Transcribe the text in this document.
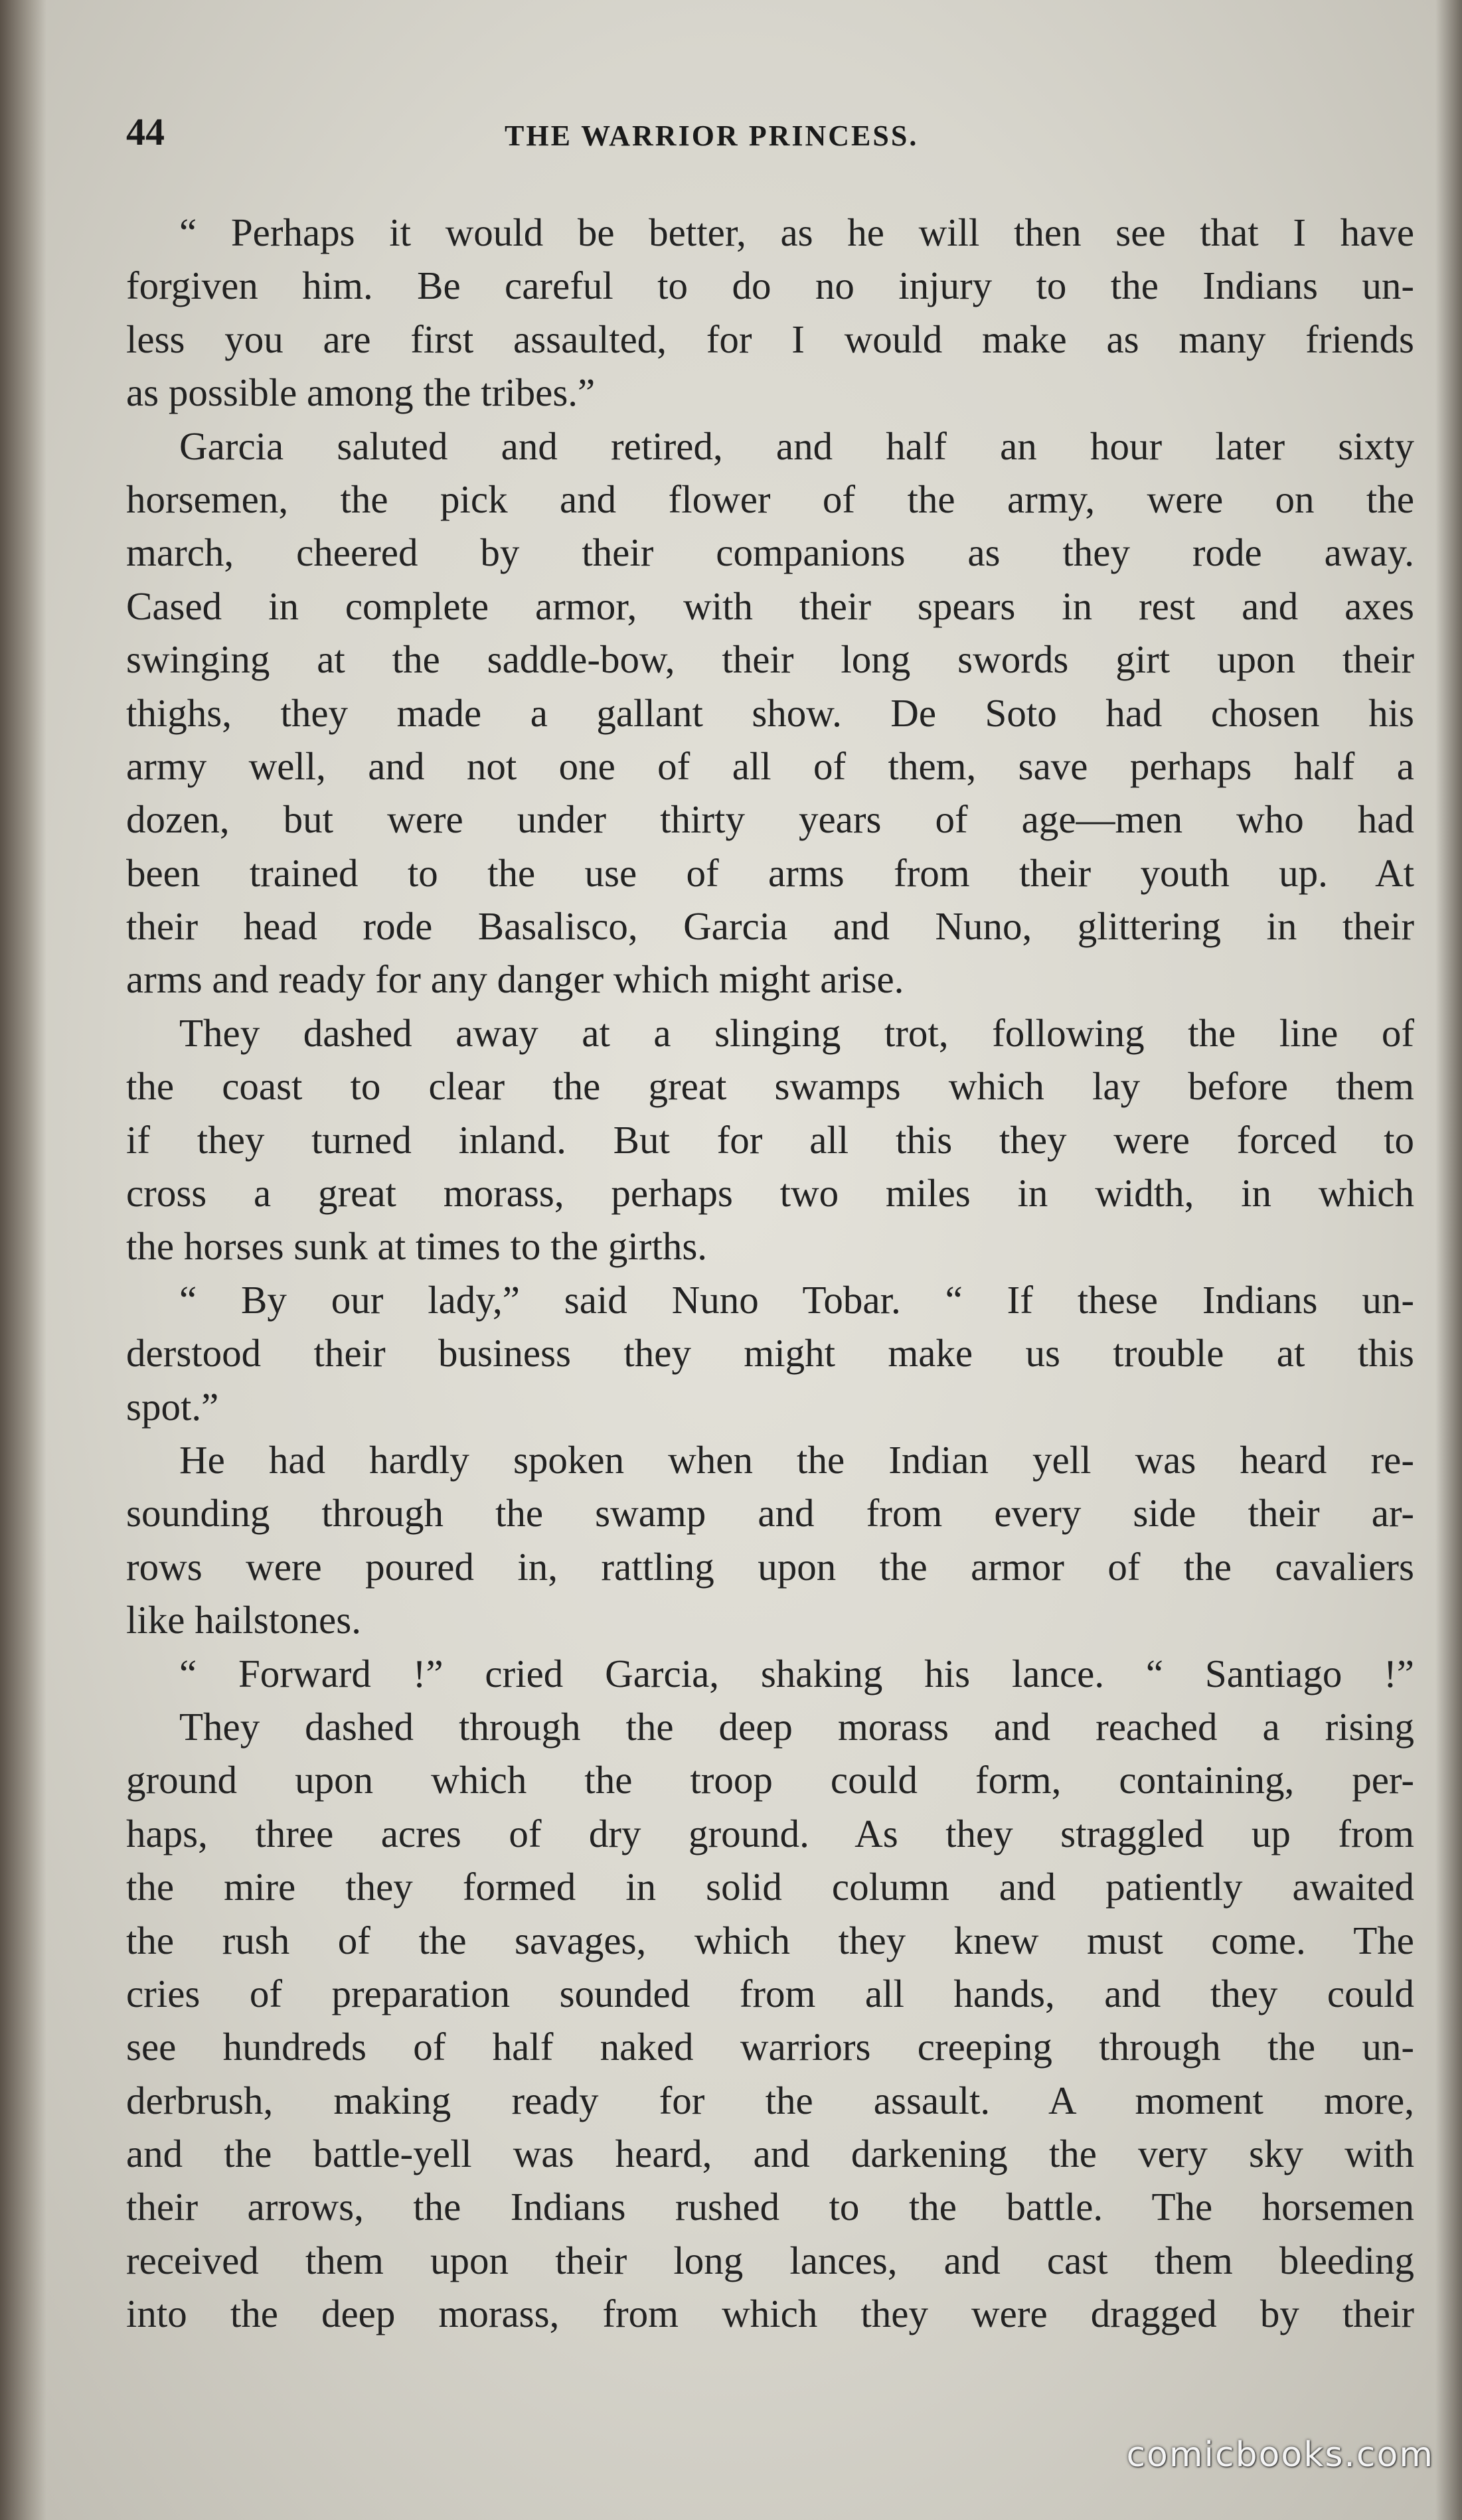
44	THE WARRIOR PRINCESS.
“ Perhaps it would be better, as he will then see that I have
forgiven him. Be careful to do no injury to the Indians un-
less you are first assaulted, for I would make as many friends
as possible among the tribes.”
Garcia saluted and retired, and half an hour later sixty
horsemen, the pick and flower of the army, were on the
march, cheered by their companions as they rode away.
Cased in complete armor, with their spears in rest and axes
swinging at the saddle-bow, their long swords girt upon their
thighs, they made a gallant show. De Soto had chosen his
army well, and not one of all of them, save perhaps half a
dozen, but were under thirty years of age—men who had
been trained to the use of arms from their youth up. At
their head rode Basalisco, Garcia and Nuno, glittering in their
arms and ready for any danger which might arise.
They dashed away at a slinging trot, following the line of
the coast to clear the great swamps which lay before them
if they turned inland. But for all this they were forced to
cross a great morass, perhaps two miles in width, in which
the horses sunk at times to the girths.
“ By our lady,” said Nuno Tobar. “ If these Indians un-
derstood their business they might make us trouble at this
spot.”
He had hardly spoken when the Indian yell was heard re-
sounding through the swamp and from every side their ar-
rows were poured in, rattling upon the armor of the cavaliers
like hailstones.
“ Forward !” cried Garcia, shaking his lance. “ Santiago !”
They dashed through the deep morass and reached a rising
ground upon which the troop could form, containing, per-
haps, three acres of dry ground. As they straggled up from
the mire they formed in solid column and patiently awaited
the rush of the savages, which they knew must come. The
cries of preparation sounded from all hands, and they could
see hundreds of half naked warriors creeping through the un-
derbrush, making ready for the assault. A moment more,
and the battle-yell was heard, and darkening the very sky with
their arrows, the Indians rushed to the battle. The horsemen
received them upon their long lances, and cast them bleeding
into the deep morass, from which they were dragged by their
comicbooks.com
